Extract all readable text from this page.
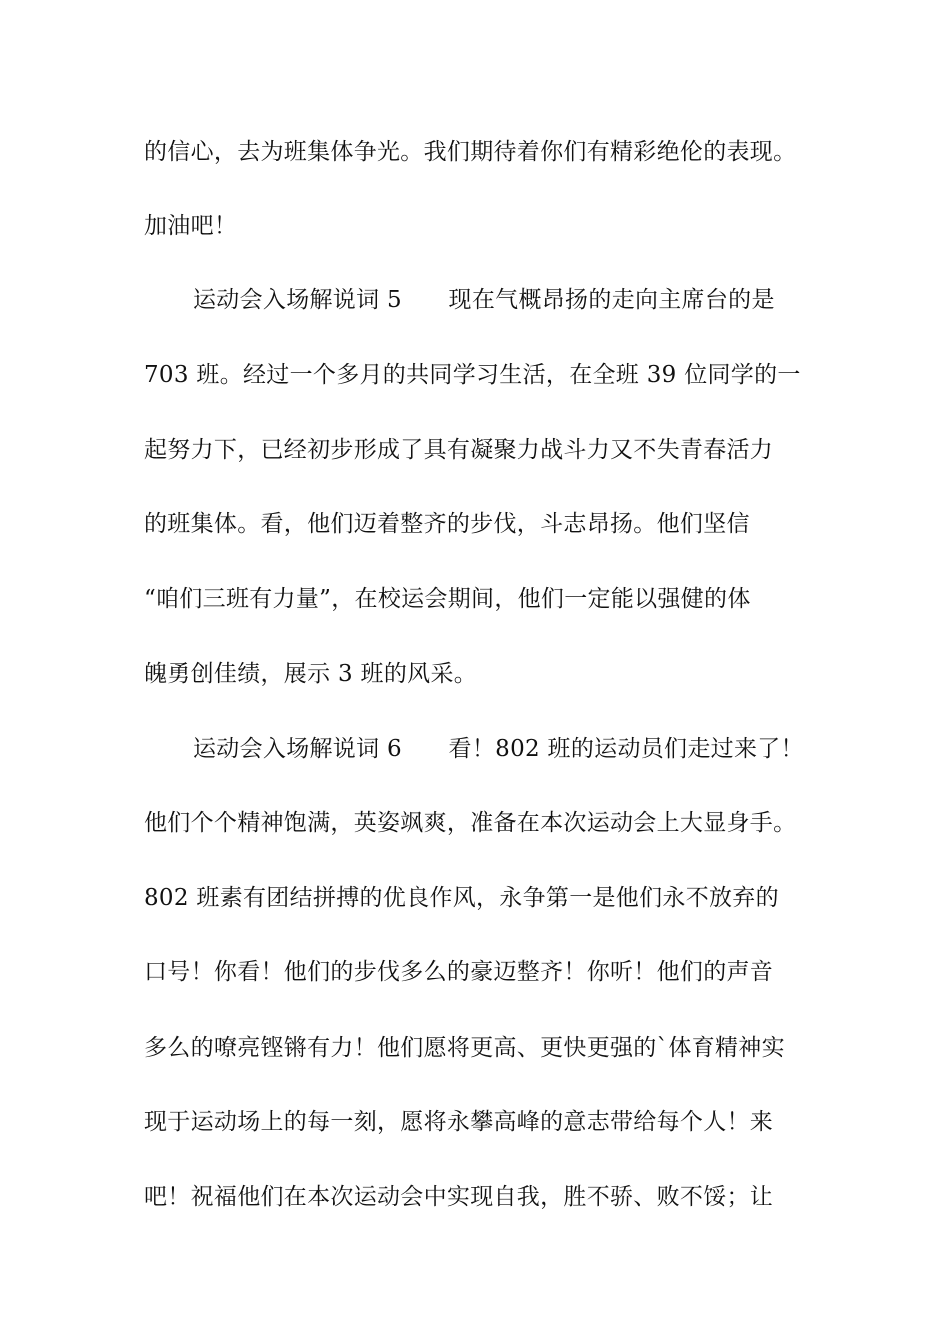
的信心，去为班集体争光。我们期待着你们有精彩绝伦的表现。
加油吧！
运动会入场解说词 5　　现在气概昂扬的走向主席台的是
703 班。经过一个多月的共同学习生活，在全班 39 位同学的一
起努力下，已经初步形成了具有凝聚力战斗力又不失青春活力
的班集体。看，他们迈着整齐的步伐，斗志昂扬。他们坚信
“咱们三班有力量”，在校运会期间，他们一定能以强健的体
魄勇创佳绩，展示 3 班的风采。
运动会入场解说词 6　　看！802 班的运动员们走过来了！
他们个个精神饱满，英姿飒爽，准备在本次运动会上大显身手。
802 班素有团结拼搏的优良作风，永争第一是他们永不放弃的
口号！你看！他们的步伐多么的豪迈整齐！你听！他们的声音
多么的嘹亮铿锵有力！他们愿将更高、更快更强的`体育精神实
现于运动场上的每一刻，愿将永攀高峰的意志带给每个人！来
吧！祝福他们在本次运动会中实现自我，胜不骄、败不馁；让
